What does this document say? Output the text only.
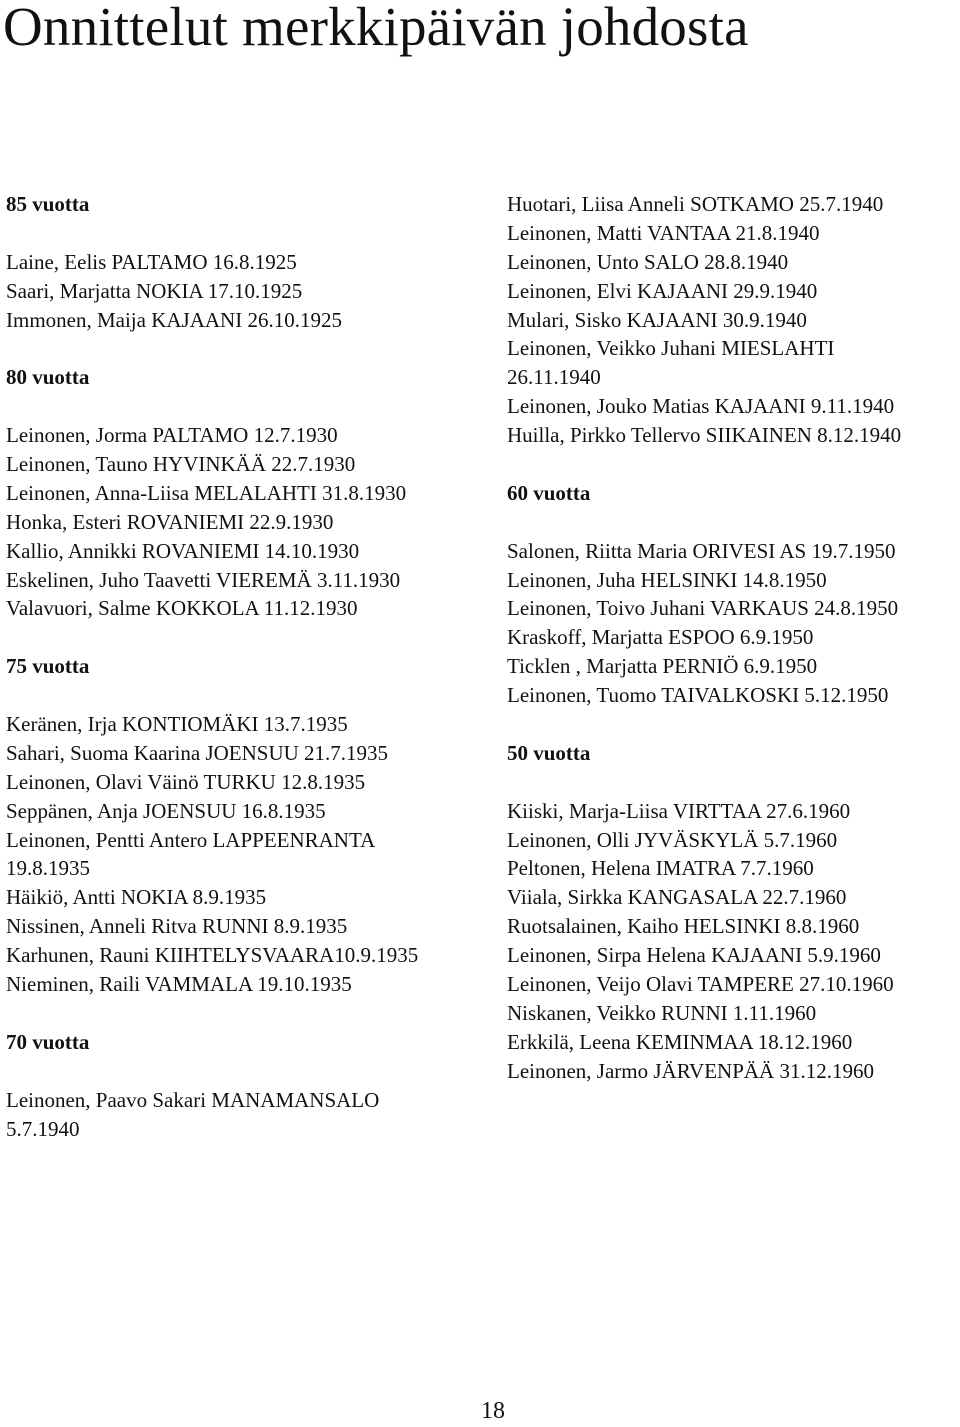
Onnittelut merkkipäivän johdosta
85 vuotta
Laine, Eelis PALTAMO 16.8.1925
Saari, Marjatta NOKIA 17.10.1925
Immonen, Maija KAJAANI 26.10.1925
80 vuotta
Leinonen, Jorma PALTAMO 12.7.1930
Leinonen, Tauno HYVINKÄÄ 22.7.1930
Leinonen, Anna-Liisa MELALAHTI 31.8.1930
Honka, Esteri ROVANIEMI 22.9.1930
Kallio, Annikki ROVANIEMI 14.10.1930
Eskelinen, Juho Taavetti VIEREMÄ 3.11.1930
Valavuori, Salme KOKKOLA 11.12.1930
75 vuotta
Keränen, Irja KONTIOMÄKI 13.7.1935
Sahari, Suoma Kaarina JOENSUU 21.7.1935
Leinonen, Olavi Väinö TURKU 12.8.1935
Seppänen, Anja JOENSUU 16.8.1935
Leinonen, Pentti Antero LAPPEENRANTA
19.8.1935
Häikiö, Antti NOKIA 8.9.1935
Nissinen, Anneli Ritva RUNNI 8.9.1935
Karhunen, Rauni KIIHTELYSVAARA10.9.1935
Nieminen, Raili VAMMALA 19.10.1935
70 vuotta
Leinonen, Paavo Sakari MANAMANSALO
5.7.1940
Huotari, Liisa Anneli SOTKAMO 25.7.1940
Leinonen, Matti VANTAA 21.8.1940
Leinonen, Unto SALO 28.8.1940
Leinonen, Elvi KAJAANI 29.9.1940
Mulari, Sisko KAJAANI 30.9.1940
Leinonen, Veikko Juhani MIESLAHTI
26.11.1940
Leinonen, Jouko Matias KAJAANI 9.11.1940
Huilla, Pirkko Tellervo SIIKAINEN 8.12.1940
60 vuotta
Salonen, Riitta Maria ORIVESI AS 19.7.1950
Leinonen, Juha HELSINKI 14.8.1950
Leinonen, Toivo Juhani VARKAUS 24.8.1950
Kraskoff, Marjatta ESPOO 6.9.1950
Ticklen , Marjatta PERNIÖ 6.9.1950
Leinonen, Tuomo TAIVALKOSKI 5.12.1950
50 vuotta
Kiiski, Marja-Liisa VIRTTAA 27.6.1960
Leinonen, Olli JYVÄSKYLÄ 5.7.1960
Peltonen, Helena IMATRA 7.7.1960
Viiala, Sirkka KANGASALA 22.7.1960
Ruotsalainen, Kaiho HELSINKI 8.8.1960
Leinonen, Sirpa Helena KAJAANI 5.9.1960
Leinonen, Veijo Olavi TAMPERE 27.10.1960
Niskanen, Veikko RUNNI 1.11.1960
Erkkilä, Leena KEMINMAA 18.12.1960
Leinonen, Jarmo JÄRVENPÄÄ 31.12.1960
18
